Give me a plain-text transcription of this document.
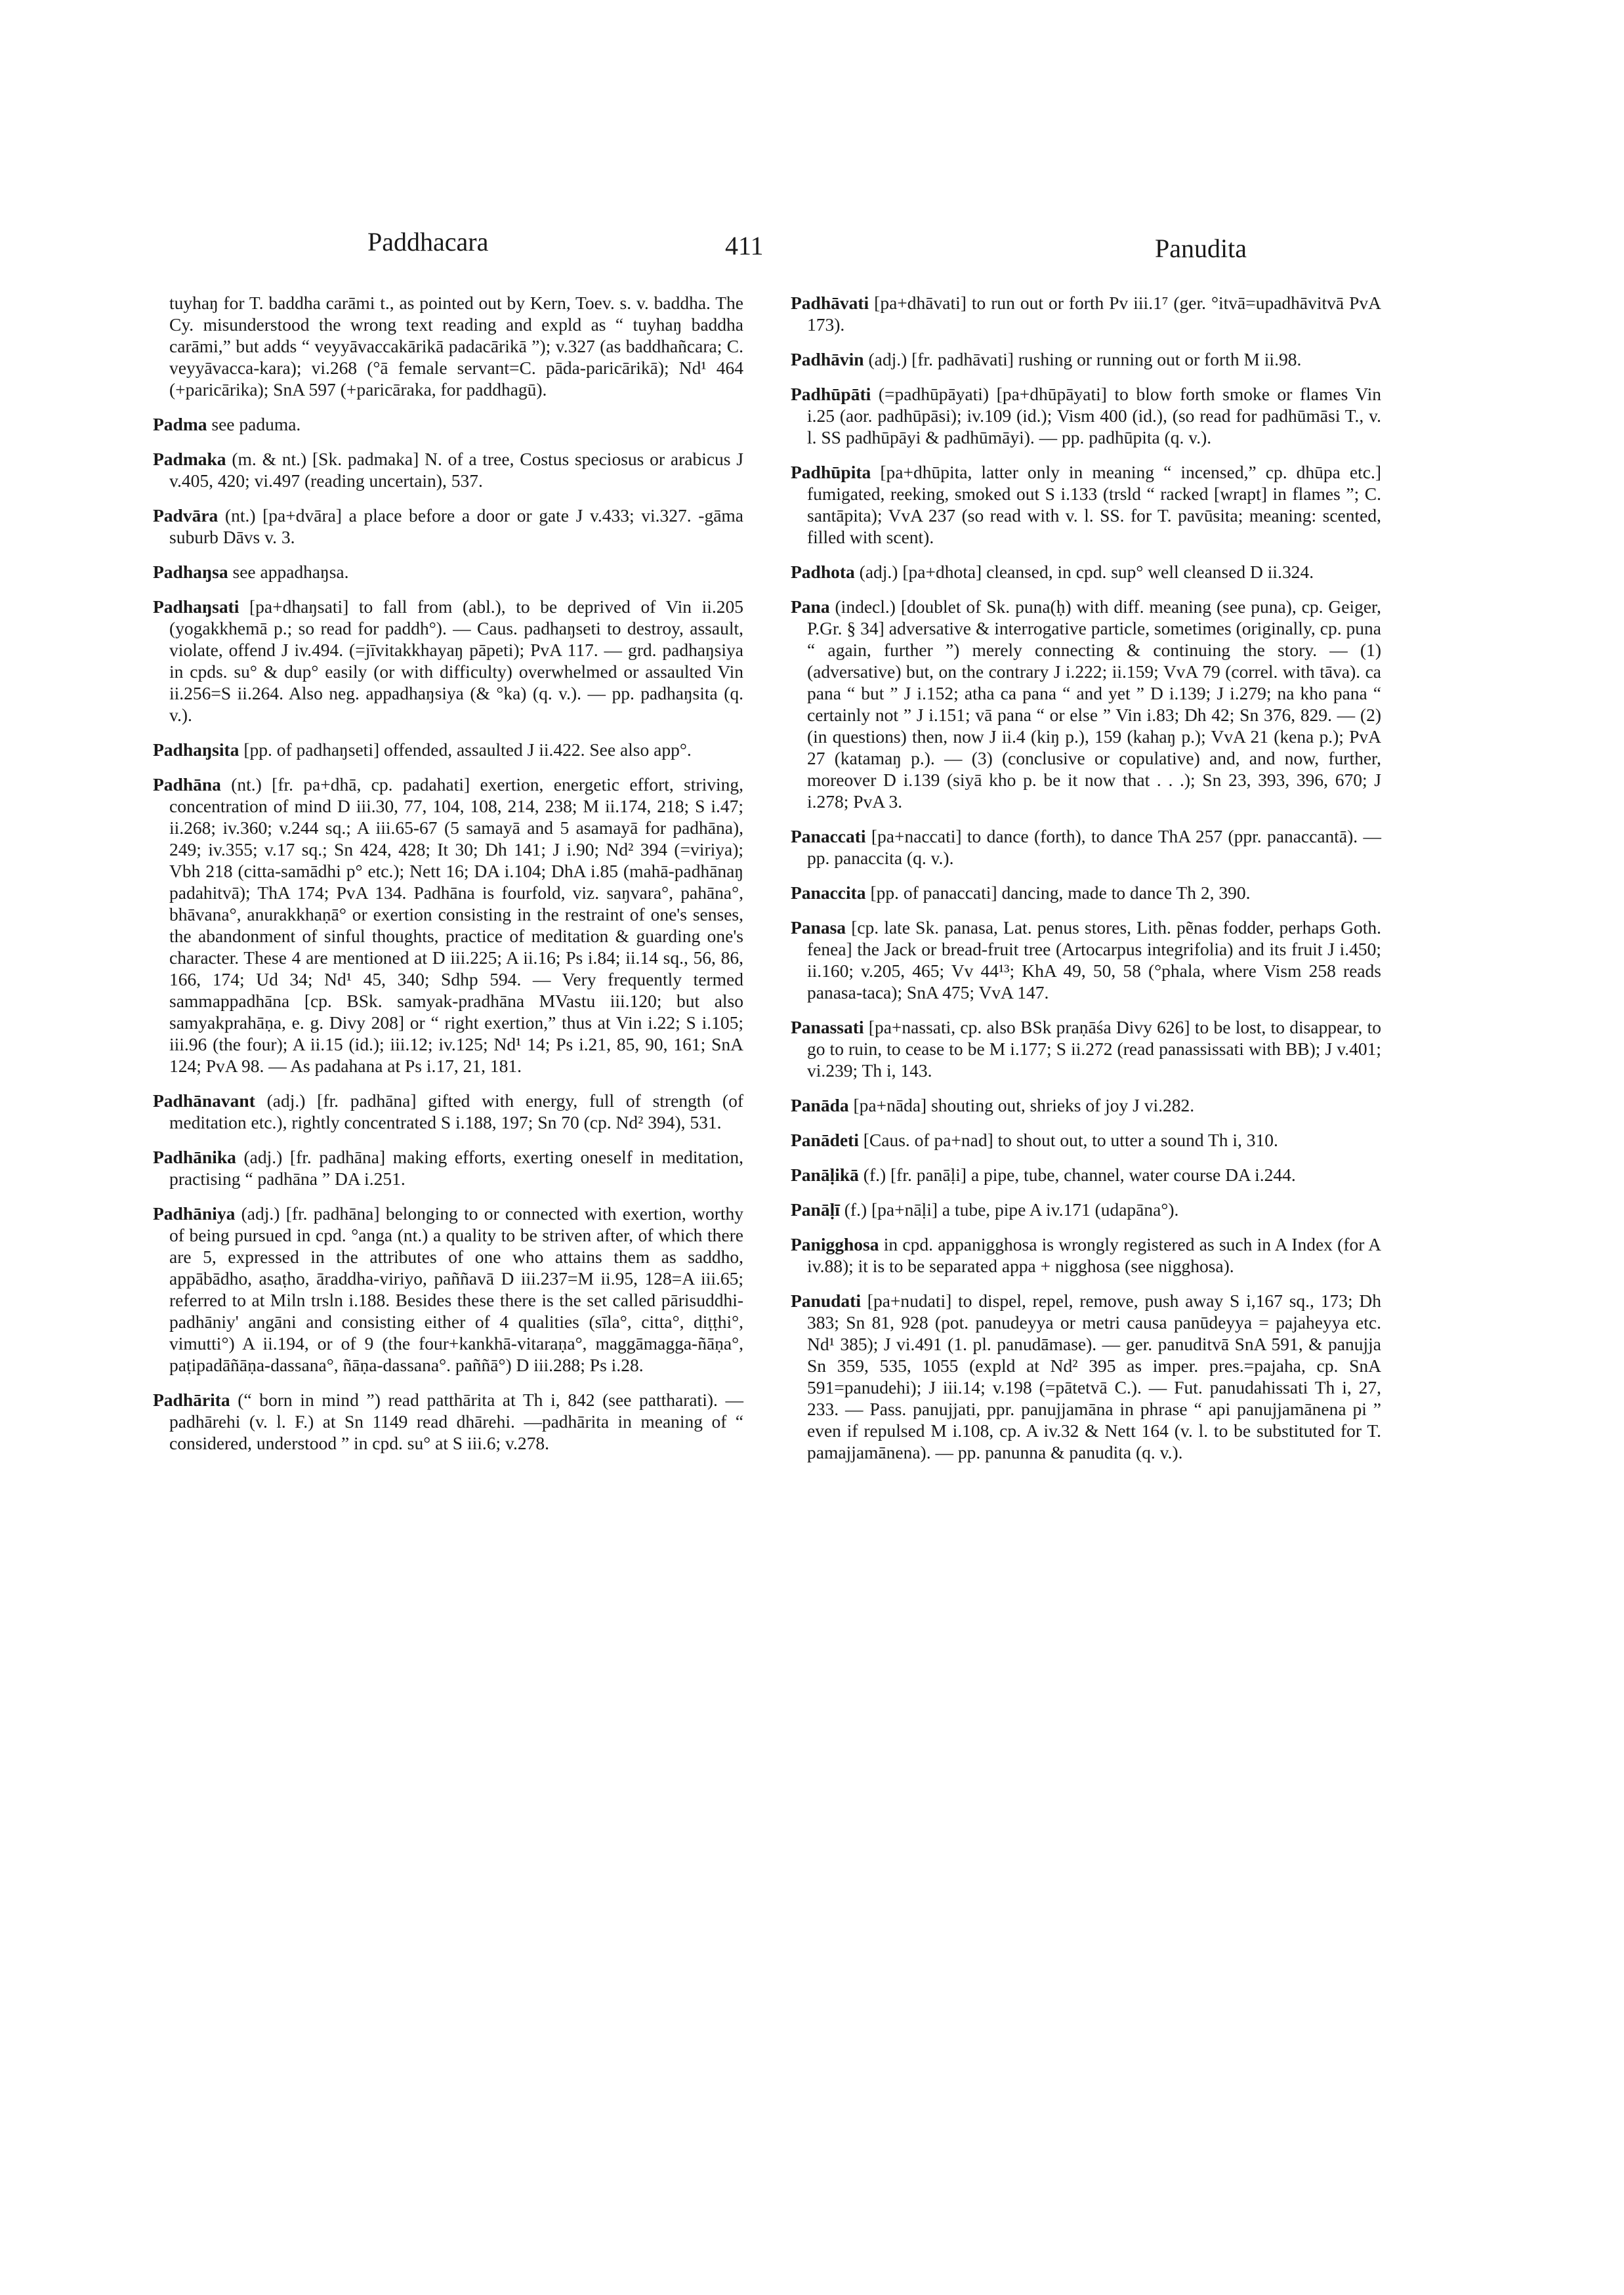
Paddhacara	411	Panudita

tuyhaŋ for T. baddha carāmi t., as pointed out by Kern, Toev. s. v. baddha. The Cy. misunderstood the wrong text reading and expld as “ tuyhaŋ baddha carāmi,” but adds “ veyyāvaccakārikā padacārikā ”); v.327 (as baddhañcara; C. veyyāvacca-kara); vi.268 (°ā female servant=C. pāda-paricārikā); Nd¹ 464 (+paricārika); SnA 597 (+paricāraka, for paddhagū).

Padma see paduma.

Padmaka (m. & nt.) [Sk. padmaka] N. of a tree, Costus speciosus or arabicus J v.405, 420; vi.497 (reading uncertain), 537.

Padvāra (nt.) [pa+dvāra] a place before a door or gate J v.433; vi.327. -gāma suburb Dāvs v. 3.

Padhaŋsa see appadhaŋsa.

Padhaŋsati [pa+dhaŋsati] to fall from (abl.), to be deprived of Vin ii.205 (yogakkhemā p.; so read for paddh°). — Caus. padhaŋseti to destroy, assault, violate, offend J iv.494. (=jīvitakkhayaŋ pāpeti); PvA 117. — grd. padhaŋsiya in cpds. su° & dup° easily (or with difficulty) overwhelmed or assaulted Vin ii.256=S ii.264. Also neg. appadhaŋsiya (& °ka) (q. v.). — pp. padhaŋsita (q. v.).

Padhaŋsita [pp. of padhaŋseti] offended, assaulted J ii.422. See also app°.

Padhāna (nt.) [fr. pa+dhā, cp. padahati] exertion, energetic effort, striving, concentration of mind D iii.30, 77, 104, 108, 214, 238; M ii.174, 218; S i.47; ii.268; iv.360; v.244 sq.; A iii.65-67 (5 samayā and 5 asamayā for padhāna), 249; iv.355; v.17 sq.; Sn 424, 428; It 30; Dh 141; J i.90; Nd² 394 (=viriya); Vbh 218 (citta-samādhi p° etc.); Nett 16; DA i.104; DhA i.85 (mahā-padhānaŋ padahitvā); ThA 174; PvA 134. Padhāna is fourfold, viz. saŋvara°, pahāna°, bhāvana°, anurakkhaṇā° or exertion consisting in the restraint of one's senses, the abandonment of sinful thoughts, practice of meditation & guarding one's character. These 4 are mentioned at D iii.225; A ii.16; Ps i.84; ii.14 sq., 56, 86, 166, 174; Ud 34; Nd¹ 45, 340; Sdhp 594. — Very frequently termed sammappadhāna [cp. BSk. samyak-pradhāna MVastu iii.120; but also samyakprahāṇa, e. g. Divy 208] or “ right exertion,” thus at Vin i.22; S i.105; iii.96 (the four); A ii.15 (id.); iii.12; iv.125; Nd¹ 14; Ps i.21, 85, 90, 161; SnA 124; PvA 98. — As padahana at Ps i.17, 21, 181.

Padhānavant (adj.) [fr. padhāna] gifted with energy, full of strength (of meditation etc.), rightly concentrated S i.188, 197; Sn 70 (cp. Nd² 394), 531.

Padhānika (adj.) [fr. padhāna] making efforts, exerting oneself in meditation, practising “ padhāna ” DA i.251.

Padhāniya (adj.) [fr. padhāna] belonging to or connected with exertion, worthy of being pursued in cpd. °anga (nt.) a quality to be striven after, of which there are 5, expressed in the attributes of one who attains them as saddho, appābādho, asaṭho, āraddha-viriyo, paññavā D iii.237=M ii.95, 128=A iii.65; referred to at Miln trsln i.188. Besides these there is the set called pārisuddhi-padhāniy' angāni and consisting either of 4 qualities (sīla°, citta°, diṭṭhi°, vimutti°) A ii.194, or of 9 (the four+kankhā-vitaraṇa°, maggāmagga-ñāṇa°, paṭipadāñāṇa-dassana°, ñāṇa-dassana°. paññā°) D iii.288; Ps i.28.

Padhārita (“ born in mind ”) read patthārita at Th i, 842 (see pattharati). —padhārehi (v. l. F.) at Sn 1149 read dhārehi. —padhārita in meaning of “ considered, understood ” in cpd. su° at S iii.6; v.278.

Padhāvati [pa+dhāvati] to run out or forth Pv iii.1⁷ (ger. °itvā=upadhāvitvā PvA 173).

Padhāvin (adj.) [fr. padhāvati] rushing or running out or forth M ii.98.

Padhūpāti (=padhūpāyati) [pa+dhūpāyati] to blow forth smoke or flames Vin i.25 (aor. padhūpāsi); iv.109 (id.); Vism 400 (id.), (so read for padhūmāsi T., v. l. SS padhūpāyi & padhūmāyi). — pp. padhūpita (q. v.).

Padhūpita [pa+dhūpita, latter only in meaning “ incensed,” cp. dhūpa etc.] fumigated, reeking, smoked out S i.133 (trsld “ racked [wrapt] in flames ”; C. santāpita); VvA 237 (so read with v. l. SS. for T. pavūsita; meaning: scented, filled with scent).

Padhota (adj.) [pa+dhota] cleansed, in cpd. sup° well cleansed D ii.324.

Pana (indecl.) [doublet of Sk. puna(ḥ) with diff. meaning (see puna), cp. Geiger, P.Gr. § 34] adversative & interrogative particle, sometimes (originally, cp. puna “ again, further ”) merely connecting & continuing the story. — (1) (adversative) but, on the contrary J i.222; ii.159; VvA 79 (correl. with tāva). ca pana “ but ” J i.152; atha ca pana “ and yet ” D i.139; J i.279; na kho pana “ certainly not ” J i.151; vā pana “ or else ” Vin i.83; Dh 42; Sn 376, 829. — (2) (in questions) then, now J ii.4 (kiŋ p.), 159 (kahaŋ p.); VvA 21 (kena p.); PvA 27 (katamaŋ p.). — (3) (conclusive or copulative) and, and now, further, moreover D i.139 (siyā kho p. be it now that . . .); Sn 23, 393, 396, 670; J i.278; PvA 3.

Panaccati [pa+naccati] to dance (forth), to dance ThA 257 (ppr. panaccantā). — pp. panaccita (q. v.).

Panaccita [pp. of panaccati] dancing, made to dance Th 2, 390.

Panasa [cp. late Sk. panasa, Lat. penus stores, Lith. pẽnas fodder, perhaps Goth. fenea] the Jack or bread-fruit tree (Artocarpus integrifolia) and its fruit J i.450; ii.160; v.205, 465; Vv 44¹³; KhA 49, 50, 58 (°phala, where Vism 258 reads panasa-taca); SnA 475; VvA 147.

Panassati [pa+nassati, cp. also BSk praṇāśa Divy 626] to be lost, to disappear, to go to ruin, to cease to be M i.177; S ii.272 (read panassissati with BB); J v.401; vi.239; Th i, 143.

Panāda [pa+nāda] shouting out, shrieks of joy J vi.282.

Panādeti [Caus. of pa+nad] to shout out, to utter a sound Th i, 310.

Panāḷikā (f.) [fr. panāḷi] a pipe, tube, channel, water course DA i.244.

Panāḷī (f.) [pa+nāḷi] a tube, pipe A iv.171 (udapāna°).

Panigghosa in cpd. appanigghosa is wrongly registered as such in A Index (for A iv.88); it is to be separated appa + nigghosa (see nigghosa).

Panudati [pa+nudati] to dispel, repel, remove, push away S i,167 sq., 173; Dh 383; Sn 81, 928 (pot. panudeyya or metri causa panūdeyya = pajaheyya etc. Nd¹ 385); J vi.491 (1. pl. panudāmase). — ger. panuditvā SnA 591, & panujja Sn 359, 535, 1055 (expld at Nd² 395 as imper. pres.=pajaha, cp. SnA 591=panudehi); J iii.14; v.198 (=pātetvā C.). — Fut. panudahissati Th i, 27, 233. — Pass. panujjati, ppr. panujjamāna in phrase “ api panujjamānena pi ” even if repulsed M i.108, cp. A iv.32 & Nett 164 (v. l. to be substituted for T. pamajjamānena). — pp. panunna & panudita (q. v.).
